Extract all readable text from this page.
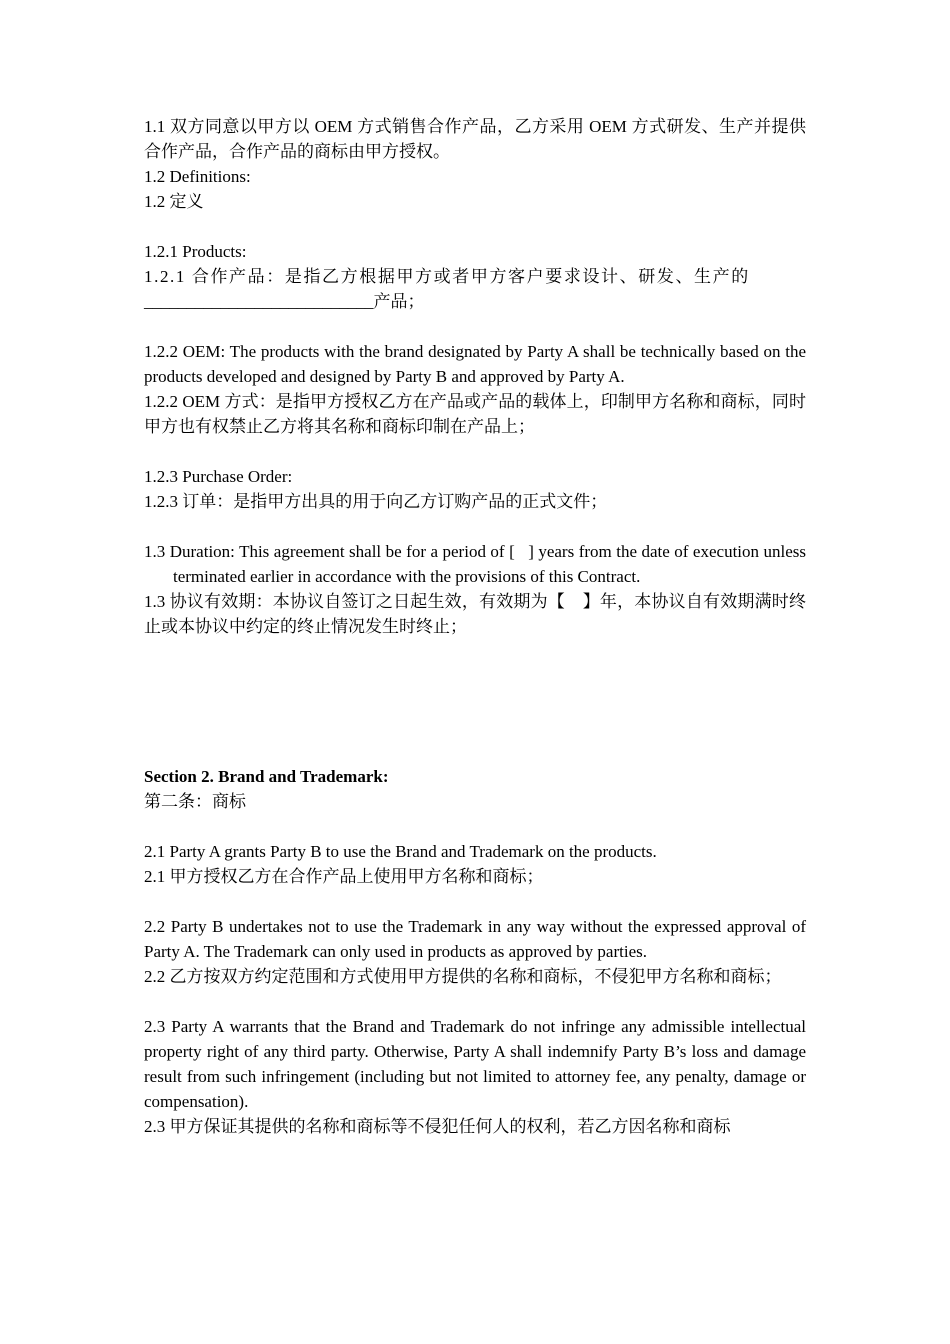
1.1 双方同意以甲方以 OEM 方式销售合作产品，乙方采用 OEM 方式研发、生产并提供合作产品，合作产品的商标由甲方授权。

1.2 Definitions:

1.2 定义

1.2.1 Products:

1.2.1 合作产品：是指乙方根据甲方或者甲方客户要求设计、研发、生产的

___________________________产品；

1.2.2 OEM: The products with the brand designated by Party A shall be technically based on the products developed and designed by Party B and approved by Party A.

1.2.2 OEM 方式：是指甲方授权乙方在产品或产品的载体上，印制甲方名称和商标，同时甲方也有权禁止乙方将其名称和商标印制在产品上；

1.2.3 Purchase Order:

1.2.3 订单：是指甲方出具的用于向乙方订购产品的正式文件；

1.3 Duration: This agreement shall be for a period of [   ] years from the date of execution unless terminated earlier in accordance with the provisions of this Contract.

1.3 协议有效期：本协议自签订之日起生效，有效期为【    】年，本协议自有效期满时终止或本协议中约定的终止情况发生时终止；

Section 2. Brand and Trademark:

第二条：商标

2.1 Party A grants Party B to use the Brand and Trademark on the products.

2.1 甲方授权乙方在合作产品上使用甲方名称和商标；

2.2 Party B undertakes not to use the Trademark in any way without the expressed approval of Party A. The Trademark can only used in products as approved by parties.

2.2 乙方按双方约定范围和方式使用甲方提供的名称和商标，不侵犯甲方名称和商标；

2.3 Party A warrants that the Brand and Trademark do not infringe any admissible intellectual property right of any third party. Otherwise, Party A shall indemnify Party B’s loss and damage result from such infringement (including but not limited to attorney fee, any penalty, damage or compensation).

2.3 甲方保证其提供的名称和商标等不侵犯任何人的权利，若乙方因名称和商标
